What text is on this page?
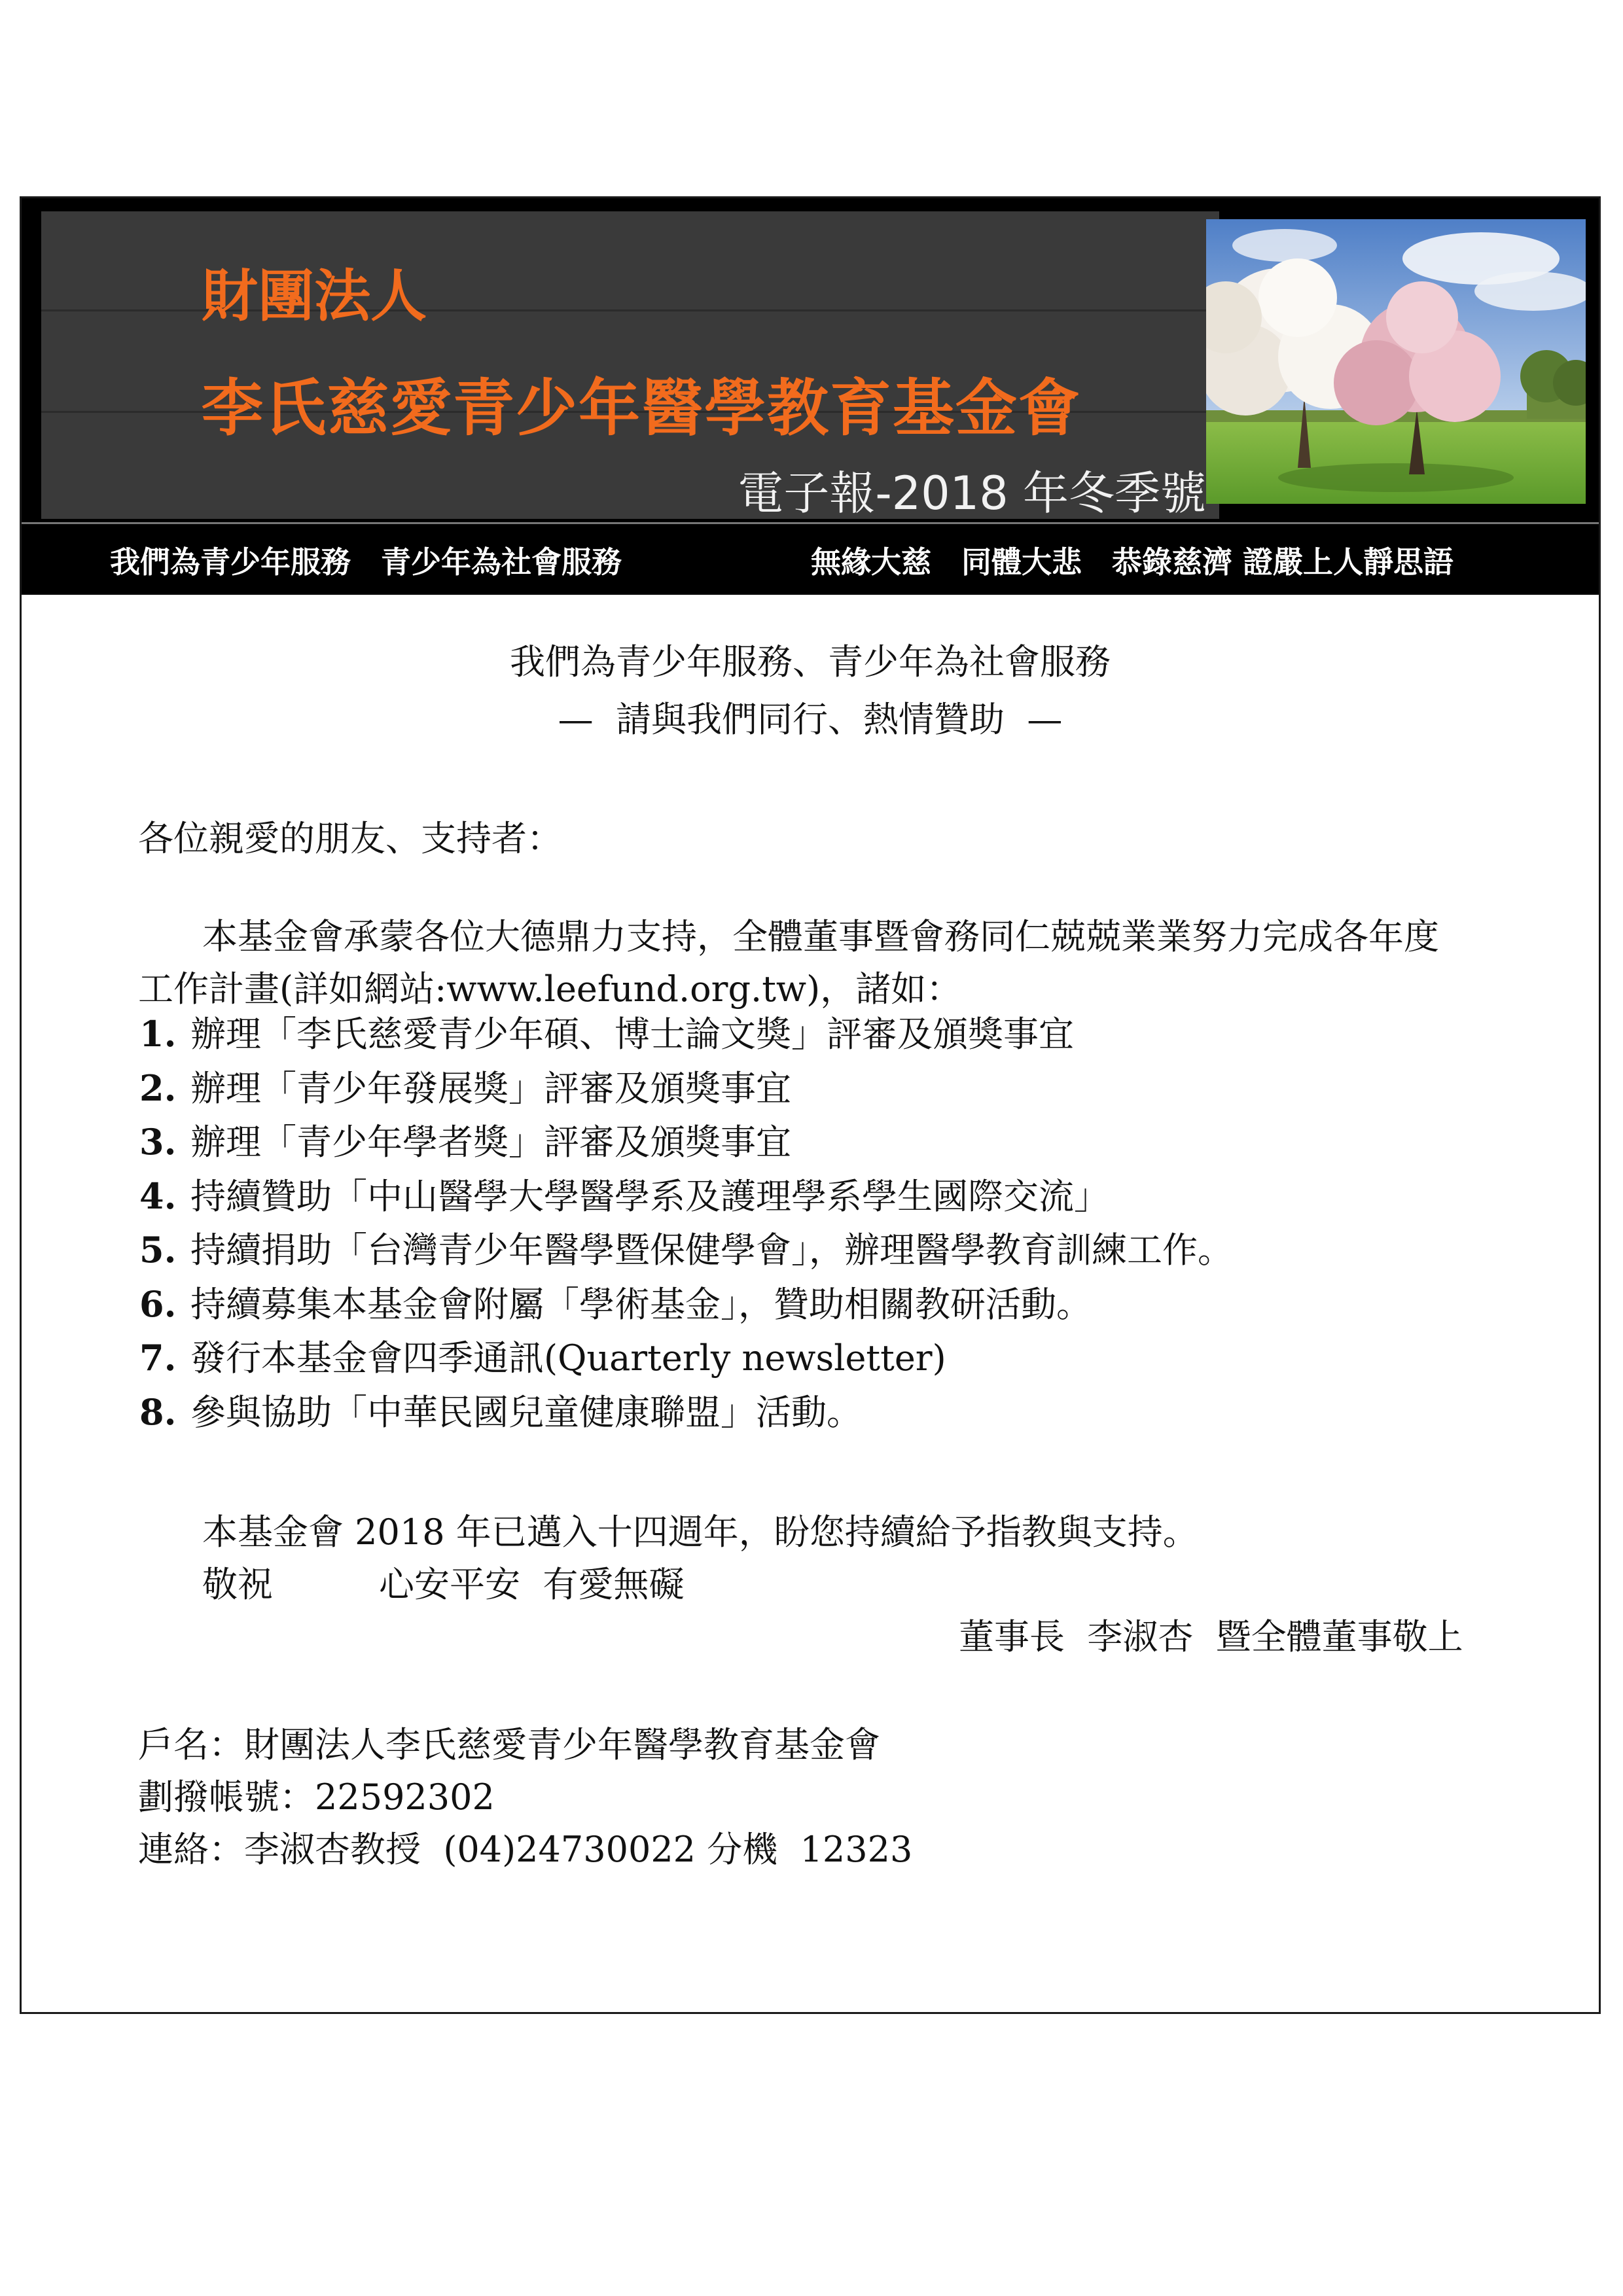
財團法人
李氏慈愛青少年醫學教育基金會
電子報-2018 年冬季號
我們為青少年服務　青少年為社會服務	無緣大慈　同體大悲　恭錄慈濟 證嚴上人靜思語
我們為青少年服務、青少年為社會服務
—  請與我們同行、熱情贊助  —
各位親愛的朋友、支持者：
本基金會承蒙各位大德鼎力支持，全體董事暨會務同仁兢兢業業努力完成各年度
工作計畫(詳如網站:www.leefund.org.tw)，諸如：
1. 辦理「李氏慈愛青少年碩、博士論文獎」評審及頒獎事宜
2. 辦理「青少年發展獎」評審及頒獎事宜
3. 辦理「青少年學者獎」評審及頒獎事宜
4. 持續贊助「中山醫學大學醫學系及護理學系學生國際交流」
5. 持續捐助「台灣青少年醫學暨保健學會」，辦理醫學教育訓練工作。
6. 持續募集本基金會附屬「學術基金」，贊助相關教研活動。
7. 發行本基金會四季通訊(Quarterly newsletter)
8. 參與協助「中華民國兒童健康聯盟」活動。
本基金會 2018 年已邁入十四週年，盼您持續給予指教與支持。
敬祝　　　心安平安  有愛無礙
董事長  李淑杏  暨全體董事敬上
戶名：財團法人李氏慈愛青少年醫學教育基金會
劃撥帳號：22592302
連絡：李淑杏教授  (04)24730022 分機  12323
